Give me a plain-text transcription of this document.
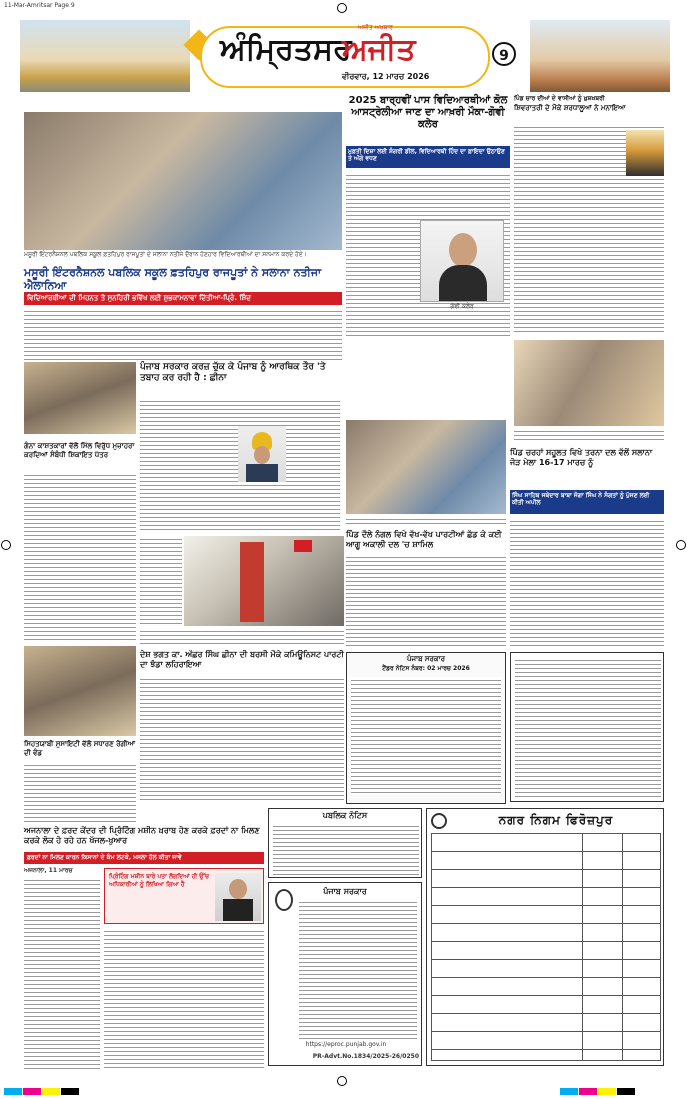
11-Mar-Amritsar Page 9
ਅੰਮ੍ਰਿਤਸਰ
ਅਜੀਤ
ਅਜੀਤ ਅਖ਼ਬਾਰ
ਵੀਰਵਾਰ, 12 ਮਾਰਚ 2026
9
ਮਸੂਰੀ ਇੰਟਰਨੈਸ਼ਨਲ ਪਬਲਿਕ ਸਕੂਲ ਫ਼ਤਹਿਪੁਰ ਰਾਜਪੂਤਾਂ ਦੇ ਸਲਾਨਾ ਨਤੀਜੇ ਦੌਰਾਨ ਹੋਣਹਾਰ ਵਿਦਿਆਰਥੀਆਂ ਦਾ ਸਨਮਾਨ ਕਰਦੇ ਹੋਏ।
ਮਸੂਰੀ ਇੰਟਰਨੈਸ਼ਨਲ ਪਬਲਿਕ ਸਕੂਲ ਫ਼ਤਹਿਪੁਰ ਰਾਜਪੂਤਾਂ ਨੇ ਸਲਾਨਾ ਨਤੀਜਾ ਐਲਾਨਿਆ
ਵਿਦਿਆਰਥੀਆਂ ਦੀ ਮਿਹਨਤ ਤੇ ਸੁਨਹਿਰੀ ਭਵਿੱਖ ਲਈ ਸ਼ੁਭਕਾਮਨਾਵਾਂ ਦਿੱਤੀਆਂ-ਪ੍ਰਿੰ. ਸ਼ਿੰਦ
2025 ਬਾਰ੍ਹਵੀਂ ਪਾਸ ਵਿਦਿਆਰਥੀਆਂ ਕੋਲ ਆਸਟ੍ਰੇਲੀਆ ਜਾਣ ਦਾ ਆਖ਼ਰੀ ਮੌਕਾ-ਗੋਵੀ ਕਲੇਰ
ਮੁਫ਼ਤੀ ਦਿਸ਼ਾ ਲਈ ਸ਼ੰਗਰੀ ਡੀਲ, ਵਿਦਿਆਰਥੀ ਹਿੰਦ ਦਾ ਫ਼ਾਇਦਾ ਉਠਾਉਣ ਤੇ ਅੱਗੇ ਵਧਣ
ਗੋਵੀ ਕਲੇਰ
ਪਿੰਡ ਚਾਰ ਦੀਆਂ ਦੇ ਵਾਸੀਆਂ ਨੂੰ ਖ਼ੁਸ਼ਖ਼ਬਰੀ
ਸ਼ਿਵਰਾਤਰੀ ਦੇ ਮੌਕੇ ਸ਼ਰਧਾਲੂਆਂ ਨੇ ਮਨਾਇਆ
ਪੰਜਾਬ ਸਰਕਾਰ ਕਰਜ਼ ਚੁੱਕ ਕੇ ਪੰਜਾਬ ਨੂੰ ਆਰਥਿਕ ਤੌਰ 'ਤੇ ਤਬਾਹ ਕਰ ਰਹੀ ਹੈ : ਛੀਨਾ
ਗੰਨਾ ਕਾਸ਼ਤਕਾਰਾਂ ਵੱਲੋਂ ਮਿੱਲ ਵਿਰੁੱਧ ਮੁਜ਼ਾਹਰਾ ਕਰਦਿਆਂ ਸੰਬੰਧੀ ਸ਼ਿਕਾਇਤ ਪੱਤਰ
ਪਿੰਡ ਦੌਲੇ ਨੰਗਲ ਵਿਖੇ ਵੱਖ-ਵੱਖ ਪਾਰਟੀਆਂ ਛੱਡ ਕੇ ਕਈ ਆਗੂ ਅਕਾਲੀ ਦਲ 'ਚ ਸ਼ਾਮਿਲ
ਪਿੰਡ ਚਰਹਾਂ ਸਹੂਲਤ ਵਿਖੇ ਤਰਨਾ ਦਲ ਵੱਲੋਂ ਸਲਾਨਾ ਜੋੜ ਮੇਲਾ 16-17 ਮਾਰਚ ਨੂੰ
ਸਿੰਘ ਸਾਹਿਬ ਜਥੇਦਾਰ ਬਾਬਾ ਜੋਗਾ ਸਿੰਘ ਨੇ ਸੰਗਤਾਂ ਨੂੰ ਪੁੱਜਣ ਲਈ ਕੀਤੀ ਅਪੀਲ
ਦੇਸ਼ ਭਗਤ ਕਾ. ਅੱਛਰ ਸਿੰਘ ਛੀਨਾ ਦੀ ਬਰਸੀ ਮੌਕੇ ਕਮਿਊਨਿਸਟ ਪਾਰਟੀ ਦਾ ਝੰਡਾ ਲਹਿਰਾਇਆ
ਸਿਹਤਯਾਬੀ ਸੁਸਾਇਟੀ ਵੱਲੋਂ ਸਧਾਰਣ ਰੋਗੀਆਂ ਦੀ ਵੰਡ
ਪੰਜਾਬ ਸਰਕਾਰ
ਟੈਂਡਰ ਨੋਟਿਸ ਨੰਬਰ: 02 ਮਾਰਚ 2026
ਅਜਨਾਲਾ ਦੇ ਫ਼ਰਦ ਕੇਂਦਰ ਦੀ ਪ੍ਰਿੰਟਿੰਗ ਮਸ਼ੀਨ ਖ਼ਰਾਬ ਹੋਣ ਕਰਕੇ ਫ਼ਰਦਾਂ ਨਾ ਮਿਲਣ ਕਰਕੇ ਲੋਕ ਹੋ ਰਹੇ ਹਨ ਖੱਜਲ-ਖੁਆਰ
ਫ਼ਰਦਾਂ ਨਾ ਮਿਲਣ ਕਾਰਨ ਕਿਸਾਨਾਂ ਦੇ ਕੰਮ ਲਟਕੇ, ਮਸਲਾ ਹੱਲ ਕੀਤਾ ਜਾਵੇ
ਅਜਨਾਲਾ, 11 ਮਾਰਚ
ਪ੍ਰਿੰਟਿੰਗ ਮਸ਼ੀਨ ਬਾਰੇ ਪਤਾ ਲੱਗਦਿਆਂ ਹੀ ਉੱਚ ਅਧਿਕਾਰੀਆਂ ਨੂੰ ਲਿਖਿਆ ਗਿਆ ਹੈ
ਪਬਲਿਕ ਨੋਟਿਸ
ਪੰਜਾਬ ਸਰਕਾਰ
https://eproc.punjab.gov.in
PR-Advt.No.1834/2025-26/0250
ਨਗਰ ਨਿਗਮ ਫਿਰੋਜ਼ਪੁਰ
